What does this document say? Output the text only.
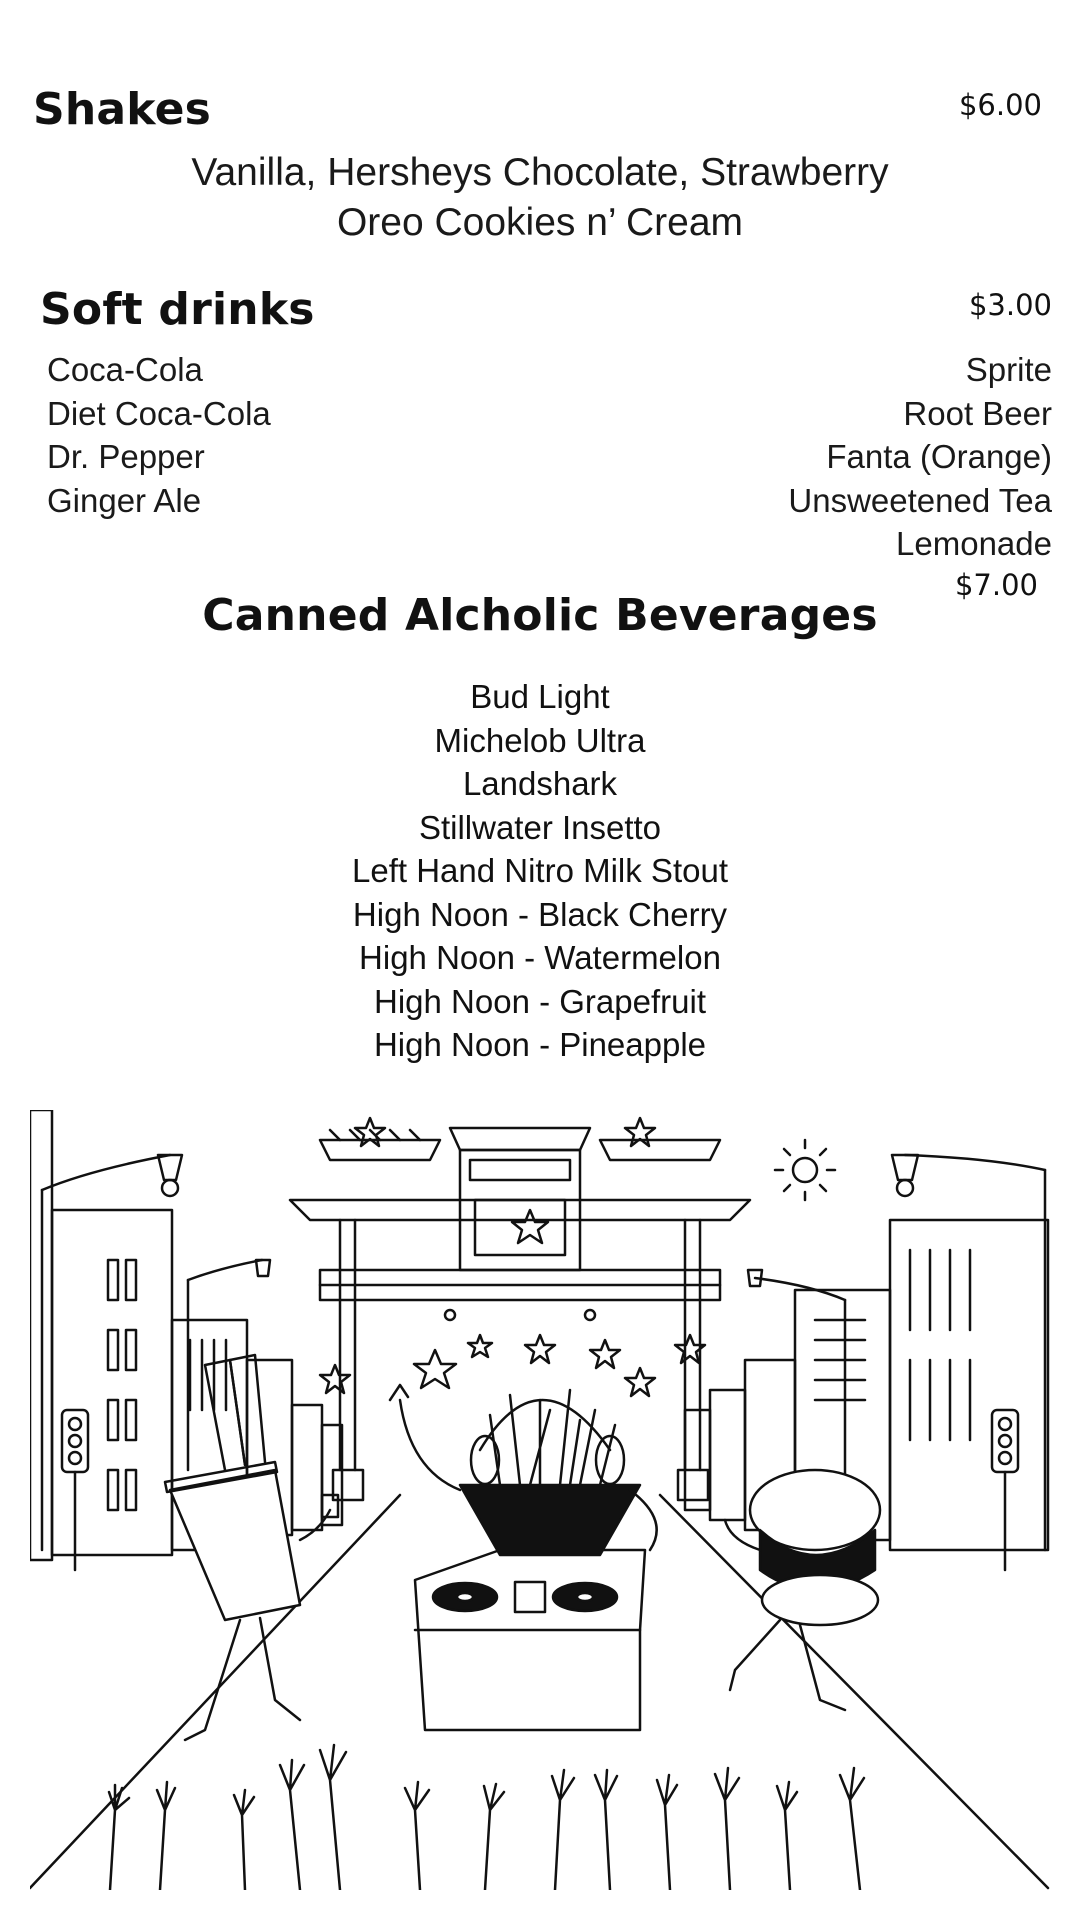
Shakes	$6.00
Vanilla, Hersheys Chocolate, Strawberry
Oreo Cookies n’ Cream
Soft drinks	$3.00
Coca-Cola
Diet Coca-Cola
Dr. Pepper
Ginger Ale
Sprite
Root Beer
Fanta (Orange)
Unsweetened Tea
Lemonade
$7.00
Canned Alcholic Beverages
Bud Light
Michelob Ultra
Landshark
Stillwater Insetto
Left Hand Nitro Milk Stout
High Noon - Black Cherry
High Noon - Watermelon
High Noon - Grapefruit
High Noon - Pineapple
